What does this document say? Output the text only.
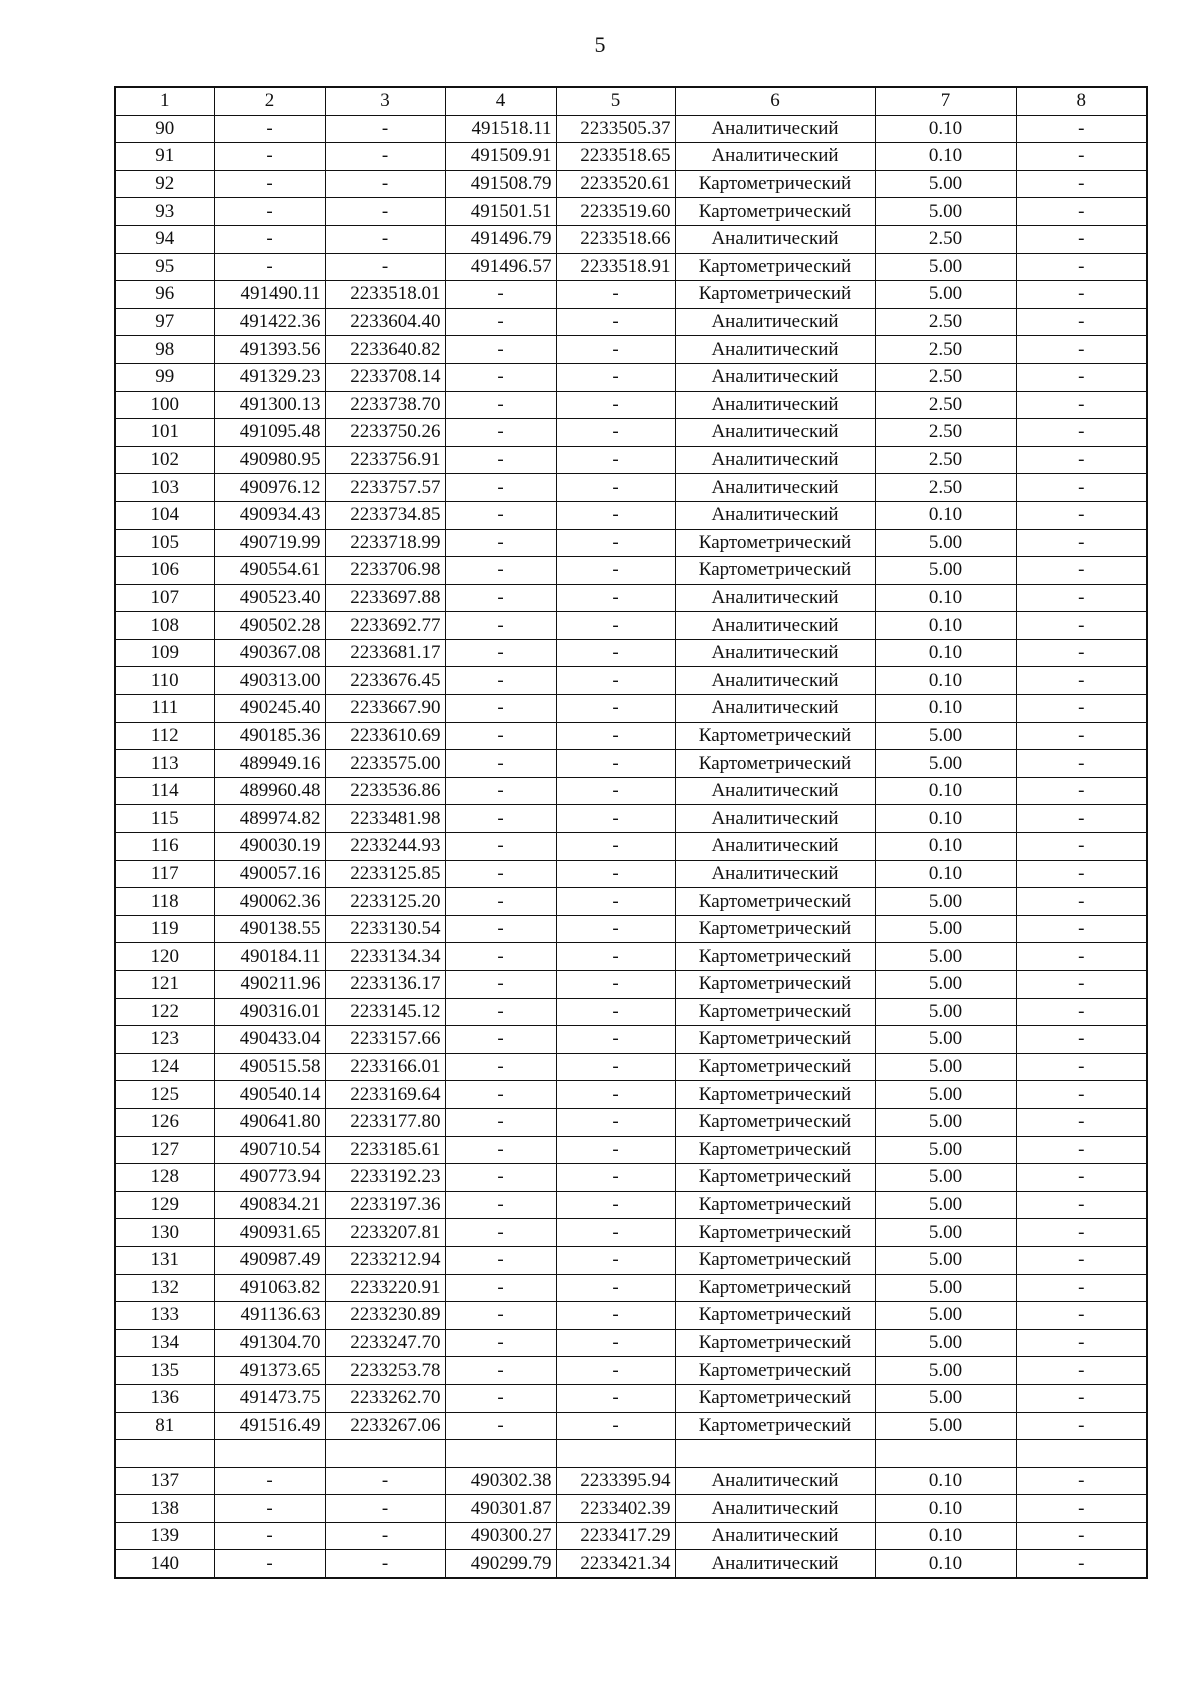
5
1	2	3	4	5	6	7	8
90	-	-	491518.11	2233505.37	Аналитический	0.10	-
91	-	-	491509.91	2233518.65	Аналитический	0.10	-
92	-	-	491508.79	2233520.61	Картометрический	5.00	-
93	-	-	491501.51	2233519.60	Картометрический	5.00	-
94	-	-	491496.79	2233518.66	Аналитический	2.50	-
95	-	-	491496.57	2233518.91	Картометрический	5.00	-
96	491490.11	2233518.01	-	-	Картометрический	5.00	-
97	491422.36	2233604.40	-	-	Аналитический	2.50	-
98	491393.56	2233640.82	-	-	Аналитический	2.50	-
99	491329.23	2233708.14	-	-	Аналитический	2.50	-
100	491300.13	2233738.70	-	-	Аналитический	2.50	-
101	491095.48	2233750.26	-	-	Аналитический	2.50	-
102	490980.95	2233756.91	-	-	Аналитический	2.50	-
103	490976.12	2233757.57	-	-	Аналитический	2.50	-
104	490934.43	2233734.85	-	-	Аналитический	0.10	-
105	490719.99	2233718.99	-	-	Картометрический	5.00	-
106	490554.61	2233706.98	-	-	Картометрический	5.00	-
107	490523.40	2233697.88	-	-	Аналитический	0.10	-
108	490502.28	2233692.77	-	-	Аналитический	0.10	-
109	490367.08	2233681.17	-	-	Аналитический	0.10	-
110	490313.00	2233676.45	-	-	Аналитический	0.10	-
111	490245.40	2233667.90	-	-	Аналитический	0.10	-
112	490185.36	2233610.69	-	-	Картометрический	5.00	-
113	489949.16	2233575.00	-	-	Картометрический	5.00	-
114	489960.48	2233536.86	-	-	Аналитический	0.10	-
115	489974.82	2233481.98	-	-	Аналитический	0.10	-
116	490030.19	2233244.93	-	-	Аналитический	0.10	-
117	490057.16	2233125.85	-	-	Аналитический	0.10	-
118	490062.36	2233125.20	-	-	Картометрический	5.00	-
119	490138.55	2233130.54	-	-	Картометрический	5.00	-
120	490184.11	2233134.34	-	-	Картометрический	5.00	-
121	490211.96	2233136.17	-	-	Картометрический	5.00	-
122	490316.01	2233145.12	-	-	Картометрический	5.00	-
123	490433.04	2233157.66	-	-	Картометрический	5.00	-
124	490515.58	2233166.01	-	-	Картометрический	5.00	-
125	490540.14	2233169.64	-	-	Картометрический	5.00	-
126	490641.80	2233177.80	-	-	Картометрический	5.00	-
127	490710.54	2233185.61	-	-	Картометрический	5.00	-
128	490773.94	2233192.23	-	-	Картометрический	5.00	-
129	490834.21	2233197.36	-	-	Картометрический	5.00	-
130	490931.65	2233207.81	-	-	Картометрический	5.00	-
131	490987.49	2233212.94	-	-	Картометрический	5.00	-
132	491063.82	2233220.91	-	-	Картометрический	5.00	-
133	491136.63	2233230.89	-	-	Картометрический	5.00	-
134	491304.70	2233247.70	-	-	Картометрический	5.00	-
135	491373.65	2233253.78	-	-	Картометрический	5.00	-
136	491473.75	2233262.70	-	-	Картометрический	5.00	-
81	491516.49	2233267.06	-	-	Картометрический	5.00	-

137	-	-	490302.38	2233395.94	Аналитический	0.10	-
138	-	-	490301.87	2233402.39	Аналитический	0.10	-
139	-	-	490300.27	2233417.29	Аналитический	0.10	-
140	-	-	490299.79	2233421.34	Аналитический	0.10	-
